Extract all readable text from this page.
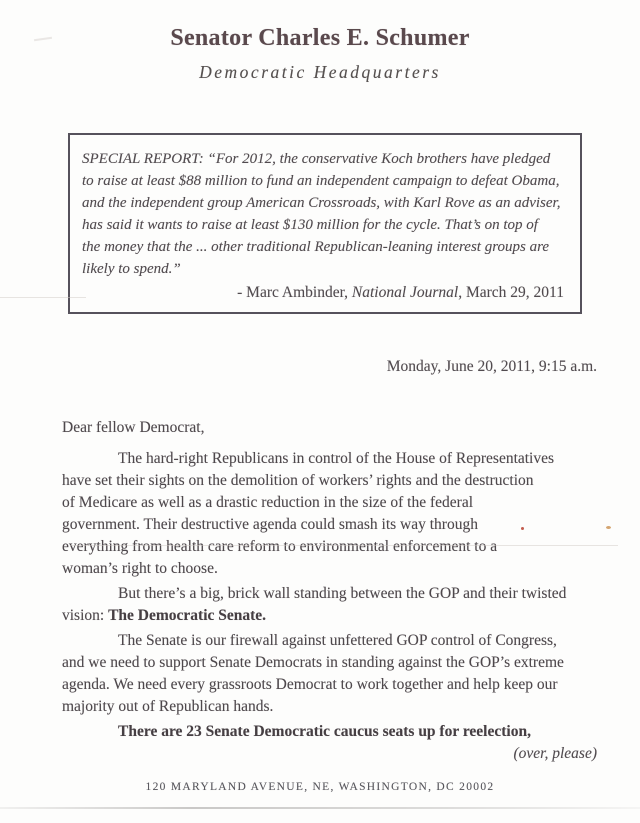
Senator Charles E. Schumer
Democratic Headquarters
SPECIAL REPORT: “For 2012, the conservative Koch brothers have pledged
to raise at least $88 million to fund an independent campaign to defeat Obama,
and the independent group American Crossroads, with Karl Rove as an adviser,
has said it wants to raise at least $130 million for the cycle. That’s on top of
the money that the ... other traditional Republican-leaning interest groups are
likely to spend.”
- Marc Ambinder, National Journal, March 29, 2011
Monday, June 20, 2011, 9:15 a.m.
Dear fellow Democrat,
The hard-right Republicans in control of the House of Representatives
have set their sights on the demolition of workers’ rights and the destruction
of Medicare as well as a drastic reduction in the size of the federal
government. Their destructive agenda could smash its way through
everything from health care reform to environmental enforcement to a
woman’s right to choose.
But there’s a big, brick wall standing between the GOP and their twisted
vision: The Democratic Senate.
The Senate is our firewall against unfettered GOP control of Congress,
and we need to support Senate Democrats in standing against the GOP’s extreme
agenda. We need every grassroots Democrat to work together and help keep our
majority out of Republican hands.
There are 23 Senate Democratic caucus seats up for reelection,
(over, please)
120 MARYLAND AVENUE, NE, WASHINGTON, DC 20002
